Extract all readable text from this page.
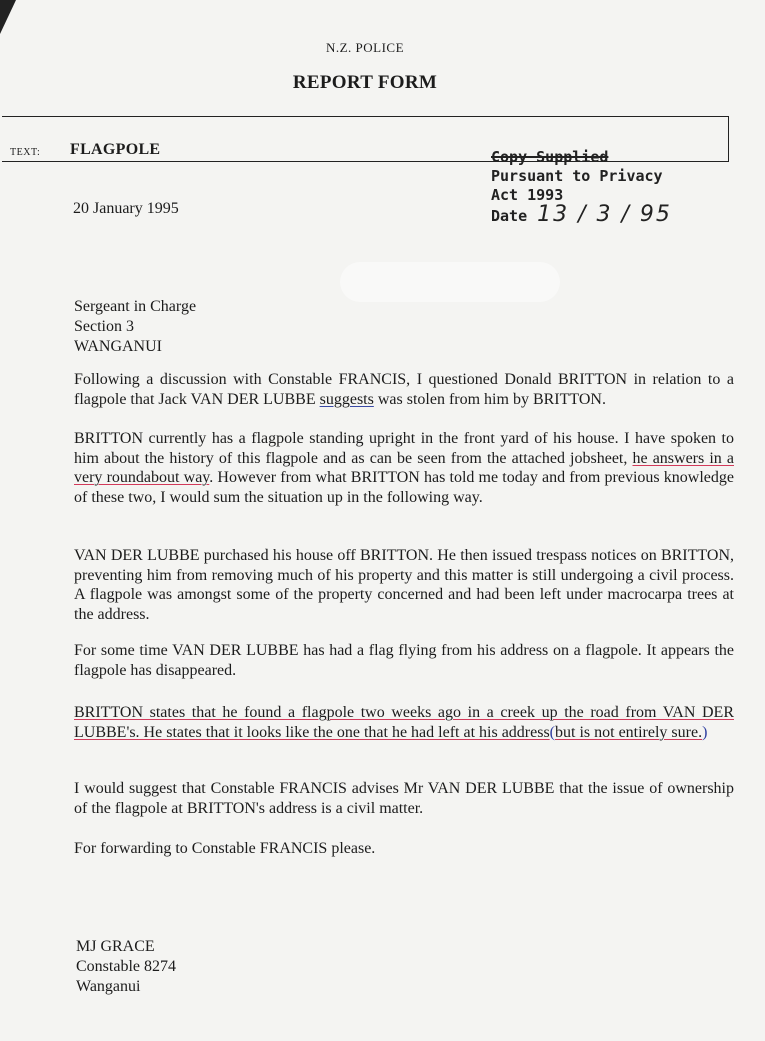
N.Z. POLICE
REPORT FORM
TEXT: FLAGPOLE	Copy Supplied
Pursuant to Privacy
Act 1993
Date 13 / 3 / 95
20 January 1995
Sergeant in Charge
Section 3
WANGANUI
Following a discussion with Constable FRANCIS, I questioned Donald BRITTON in relation to a flagpole that Jack VAN DER LUBBE suggests was stolen from him by BRITTON.
BRITTON currently has a flagpole standing upright in the front yard of his house. I have spoken to him about the history of this flagpole and as can be seen from the attached jobsheet, he answers in a very roundabout way. However from what BRITTON has told me today and from previous knowledge of these two, I would sum the situation up in the following way.
VAN DER LUBBE purchased his house off BRITTON. He then issued trespass notices on BRITTON, preventing him from removing much of his property and this matter is still undergoing a civil process. A flagpole was amongst some of the property concerned and had been left under macrocarpa trees at the address.
For some time VAN DER LUBBE has had a flag flying from his address on a flagpole. It appears the flagpole has disappeared.
BRITTON states that he found a flagpole two weeks ago in a creek up the road from VAN DER LUBBE's. He states that it looks like the one that he had left at his address(but is not entirely sure.)
I would suggest that Constable FRANCIS advises Mr VAN DER LUBBE that the issue of ownership of the flagpole at BRITTON's address is a civil matter.
For forwarding to Constable FRANCIS please.
MJ GRACE
Constable 8274
Wanganui
